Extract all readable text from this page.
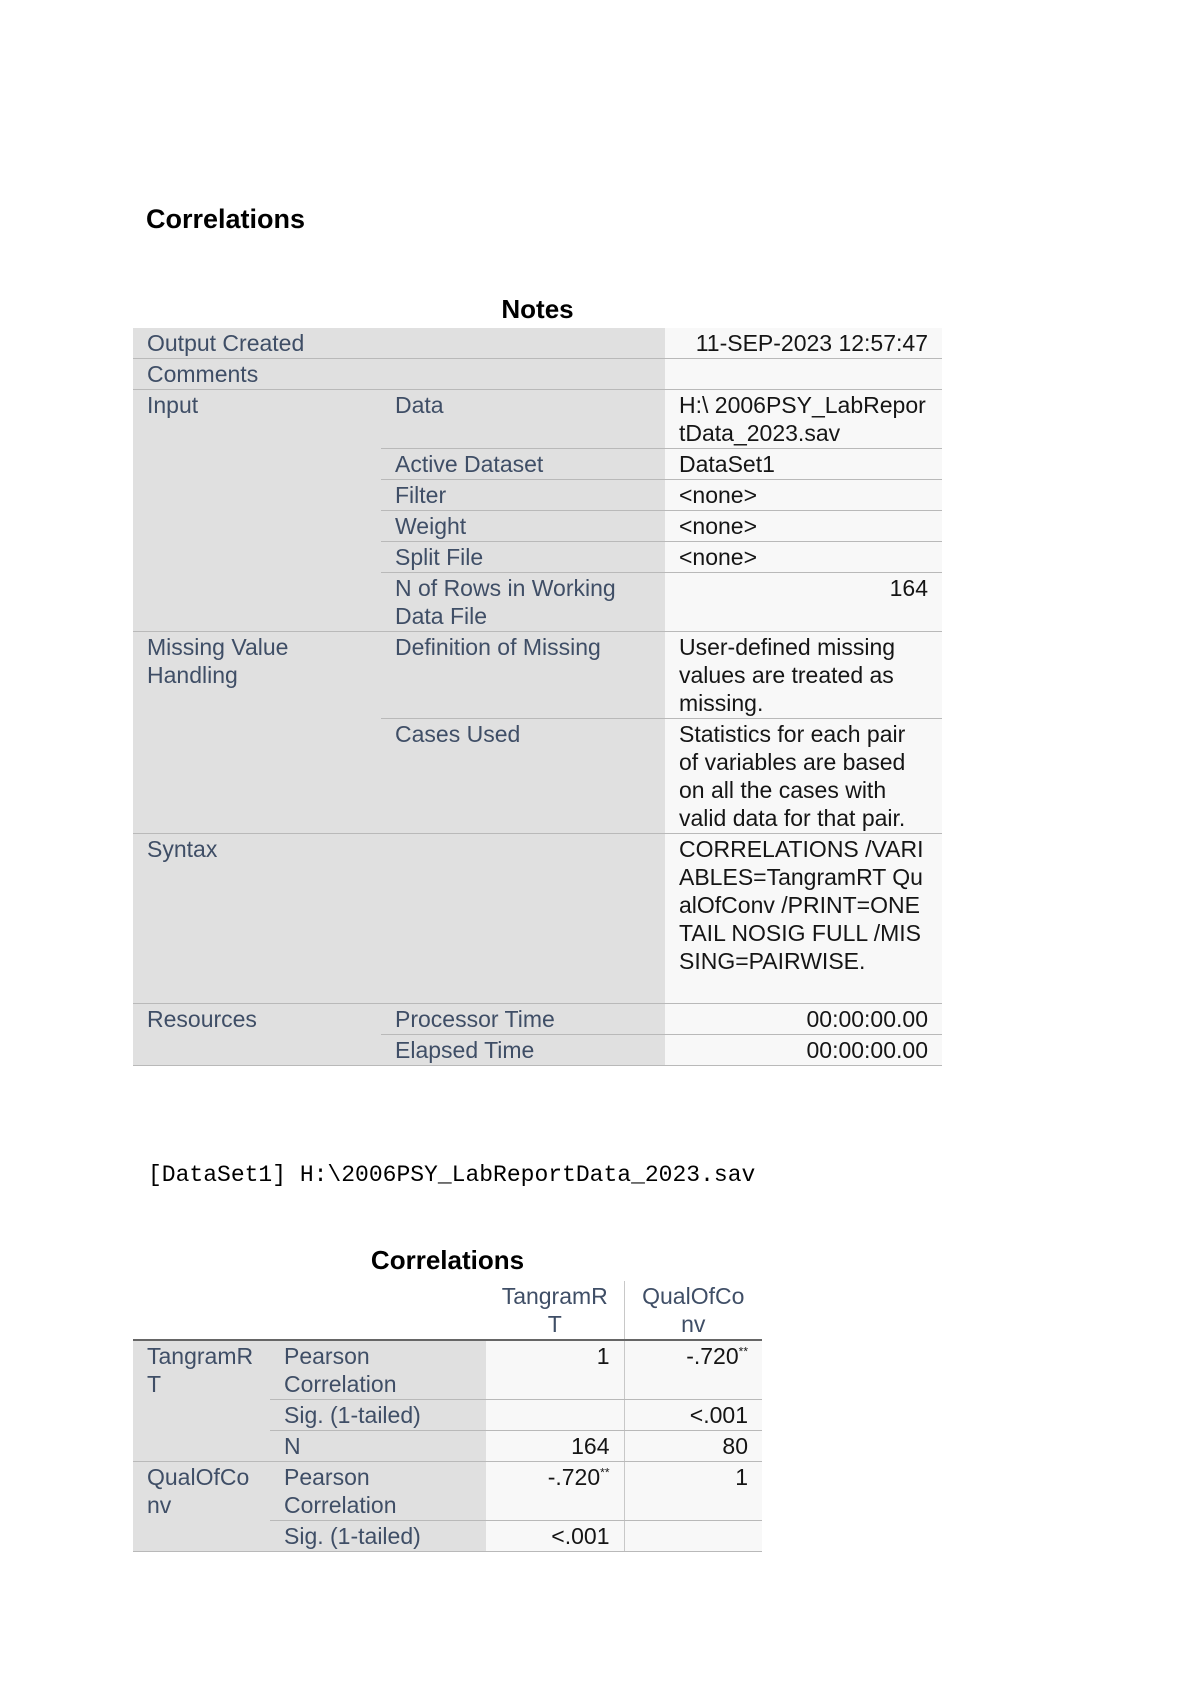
Correlations
Notes
Output Created		11-SEP-2023 12:57:47
Comments		
Input	Data	H:\ 2006PSY_LabReportData_2023.sav
	Active Dataset	DataSet1
	Filter	<none>
	Weight	<none>
	Split File	<none>
	N of Rows in Working Data File	164
Missing Value Handling	Definition of Missing	User-defined missing values are treated as missing.
	Cases Used	Statistics for each pair of variables are based on all the cases with valid data for that pair.
Syntax		CORRELATIONS /VARIABLES=TangramRT QualOfConv /PRINT=ONETAIL NOSIG FULL /MISSING=PAIRWISE.
Resources	Processor Time	00:00:00.00
	Elapsed Time	00:00:00.00
[DataSet1] H:\2006PSY_LabReportData_2023.sav
Correlations
		TangramRT	QualOfConv
TangramRT	Pearson Correlation	1	-.720**
	Sig. (1-tailed)		<.001
	N	164	80
QualOfConv	Pearson Correlation	-.720**	1
	Sig. (1-tailed)	<.001	
